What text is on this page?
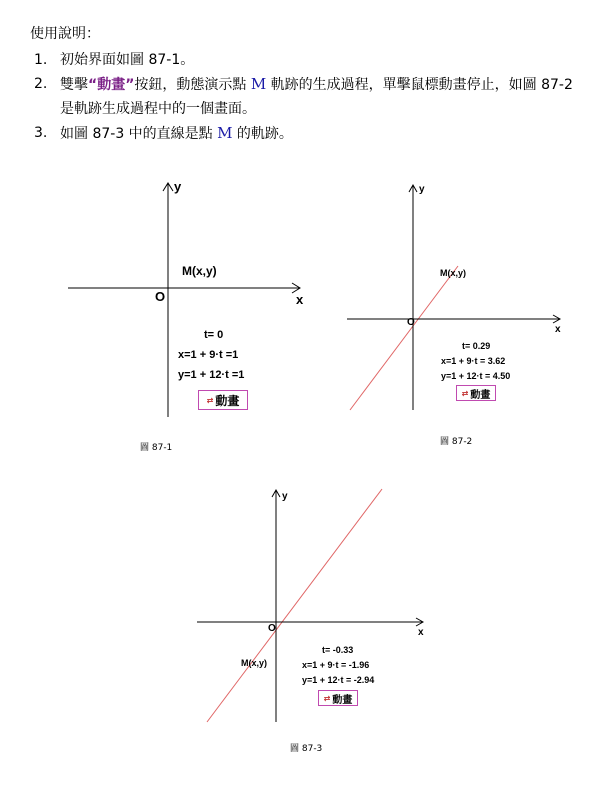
使用說明：

1. 初始界面如圖 87-1。

2. 雙擊“動畫”按鈕，動態演示點 M 軌跡的生成過程，單擊鼠標動畫停止，如圖 87-2 是軌跡生成過程中的一個畫面。

3. 如圖 87-3 中的直線是點 M 的軌跡。

y
x
O
M(x,y)
t= 0
x=1 + 9·t =1
y=1 + 12·t =1
⇄ 動畫
圖 87-1
y
x
O
M(x,y)
t= 0.29
x=1 + 9·t = 3.62
y=1 + 12·t = 4.50
⇄ 動畫
圖 87-2
y
x
O
M(x,y)
t= -0.33
x=1 + 9·t = -1.96
y=1 + 12·t = -2.94
⇄ 動畫
圖 87-3
